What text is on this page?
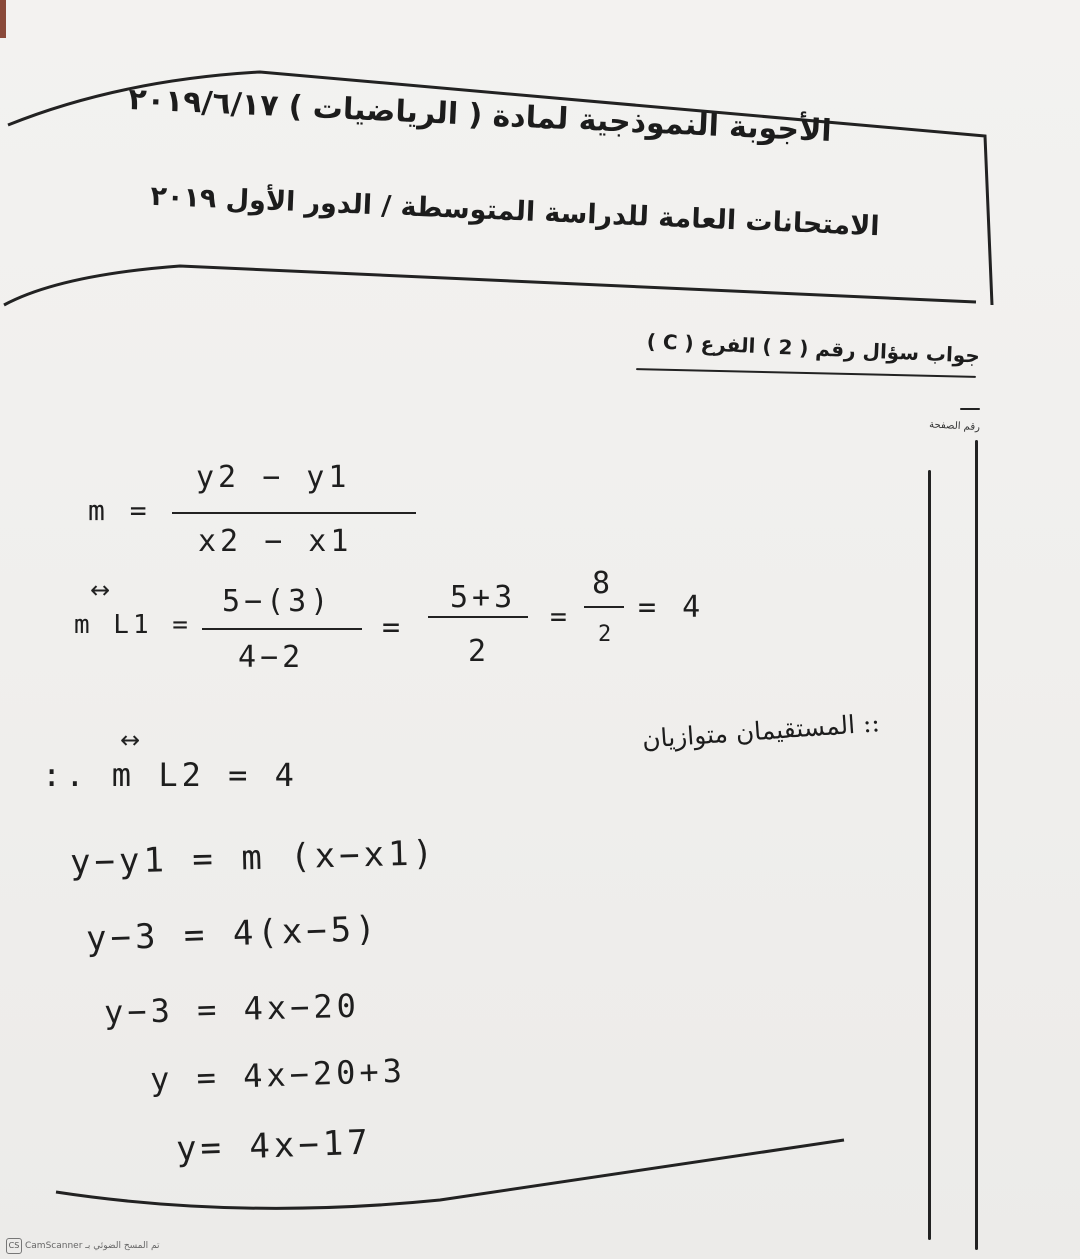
الأجوبة النموذجية لمادة ( الرياضيات ) ٢٠١٩/٦/١٧
الامتحانات العامة للدراسة المتوسطة / الدور الأول ٢٠١٩
جواب سؤال رقم ( 2 ) الفرع ( C )
رقم الصفحة
m =
y2 − y1
x2 − x1
↔
m L1 =
5−(3)
4−2
=
5+3
2
=
8
2
= 4
:: المستقيمان متوازيان
↔
:. m L2 = 4
y−y1 = m (x−x1)
y−3 = 4(x−5)
y−3 = 4x−20
y = 4x−20+3
y= 4x−17
CS CamScanner تم المسح الضوئي بـ
